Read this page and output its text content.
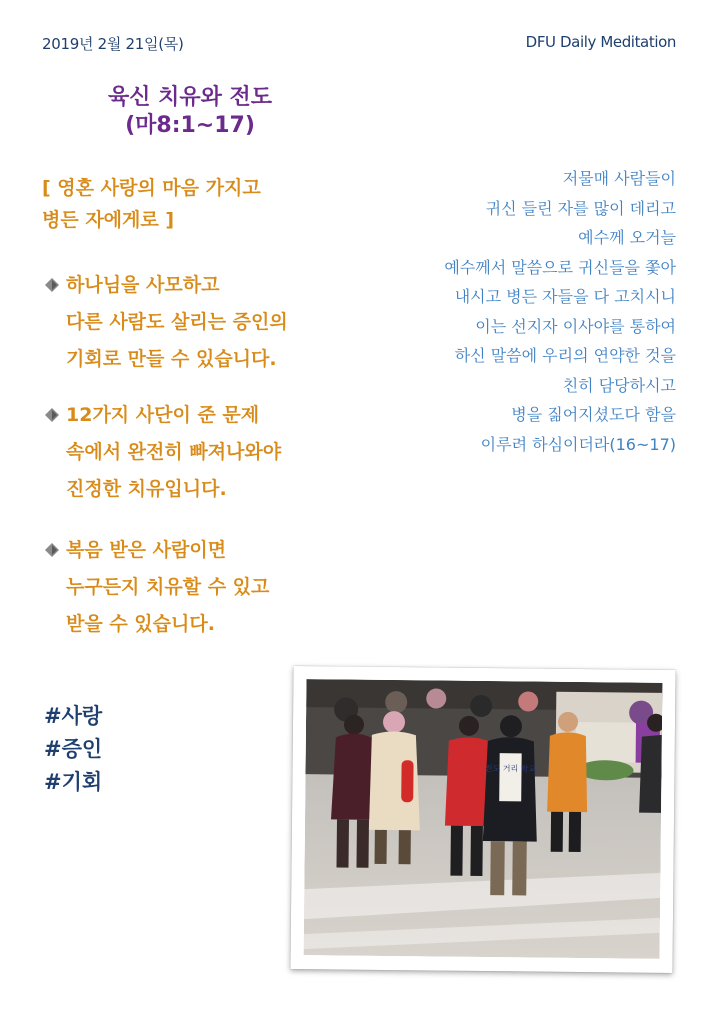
2019년 2월 21일(목)	DFU Daily Meditation
육신 치유와 전도
(마8:1~17)
[ 영혼 사랑의 마음 가지고
병든 자에게로 ]
하나님을 사모하고
다른 사람도 살리는 증인의
기회로 만들 수 있습니다.
12가지 사단이 준 문제
속에서 완전히 빠져나와야
진정한 치유입니다.
복음 받은 사람이면
누구든지 치유할 수 있고
받을 수 있습니다.
저물매 사람들이
귀신 들린 자를 많이 데리고
예수께 오거늘
예수께서 말씀으로 귀신들을 쫓아
내시고 병든 자들을 다 고치시니
이는 선지자 이사야를 통하여
하신 말씀에 우리의 연약한 것을
친히 담당하시고
병을 짊어지셨도다 함을
이루려 하심이더라(16~17)
#사랑
#증인
#기회
전도 거리 학교
